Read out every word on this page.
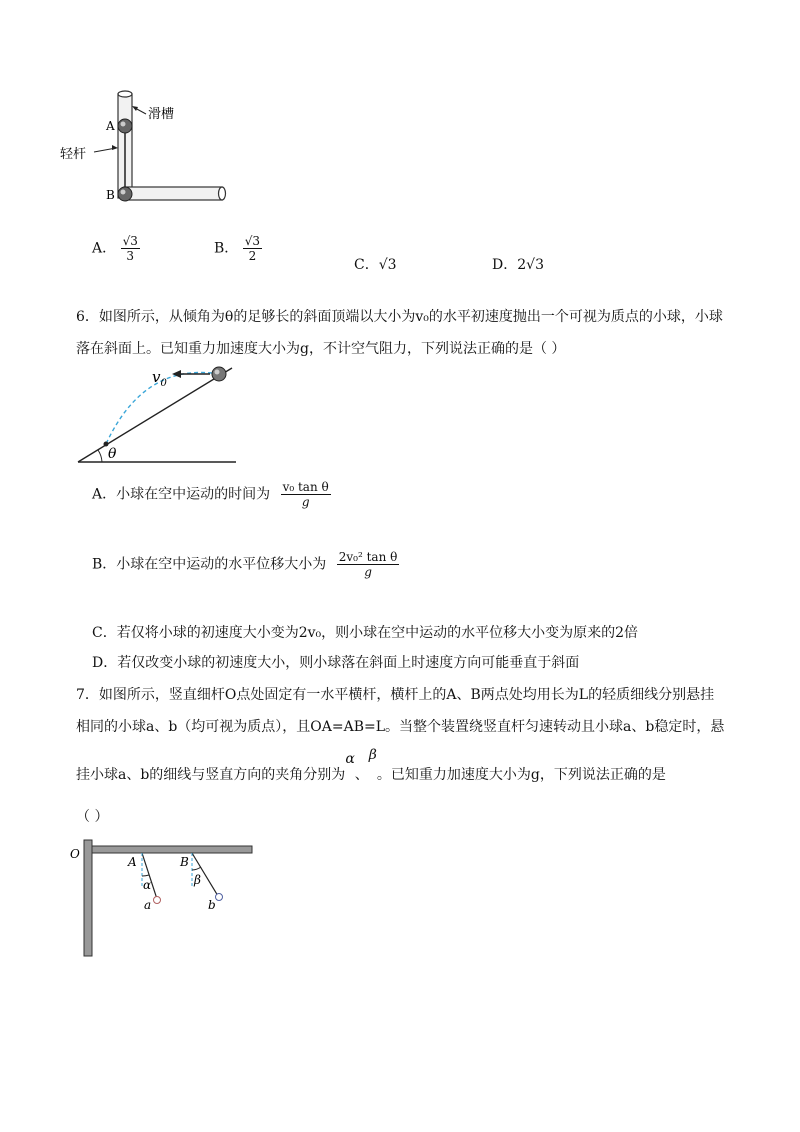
滑槽
轻杆
A
B
A． $\frac{√3}{3}$	B． $\frac{√3}{2}$
C．√3	D．2√3
6．如图所示，从倾角为θ的足够长的斜面顶端以大小为v₀的水平初速度抛出一个可视为质点的小球，小球
落在斜面上。已知重力加速度大小为g，不计空气阻力，下列说法正确的是（ ）
$v_0$
θ
A．小球在空中运动的时间为 $\frac{\text{v₀ tan θ}}{g}$
B．小球在空中运动的水平位移大小为 $\frac{\text{2v₀² tan θ}}{g}$
C．若仅将小球的初速度大小变为2v₀，则小球在空中运动的水平位移大小变为原来的2倍
D．若仅改变小球的初速度大小，则小球落在斜面上时速度方向可能垂直于斜面
7．如图所示，竖直细杆O点处固定有一水平横杆，横杆上的A、B两点处均用长为L的轻质细线分别悬挂
相同的小球a、b（均可视为质点），且OA=AB=L。当整个装置绕竖直杆匀速转动且小球a、b稳定时，悬
挂小球a、b的细线与竖直方向的夹角分别为α、β。已知重力加速度大小为g，下列说法正确的是
（ ）
O
A	B
α	β
a	b
